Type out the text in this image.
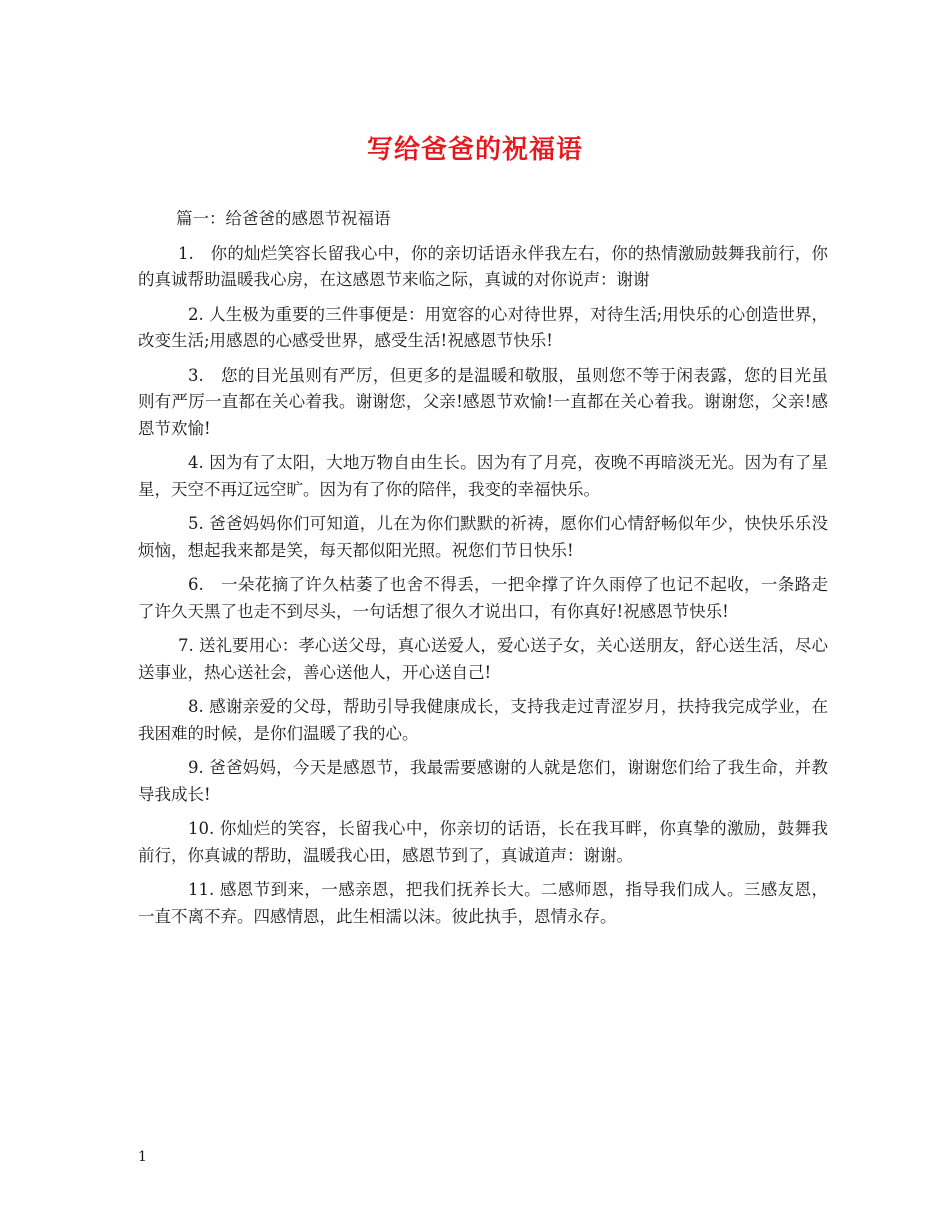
写给爸爸的祝福语

篇一：给爸爸的感恩节祝福语

1.　你的灿烂笑容长留我心中，你的亲切话语永伴我左右，你的热情激励鼓舞我前行，你的真诚帮助温暖我心房，在这感恩节来临之际，真诚的对你说声：谢谢

2. 人生极为重要的三件事便是：用宽容的心对待世界，对待生活;用快乐的心创造世界，改变生活;用感恩的心感受世界，感受生活!祝感恩节快乐!

3.　您的目光虽则有严厉，但更多的是温暖和敬服，虽则您不等于闲表露，您的目光虽则有严厉一直都在关心着我。谢谢您，父亲!感恩节欢愉!一直都在关心着我。谢谢您，父亲!感恩节欢愉!

4. 因为有了太阳，大地万物自由生长。因为有了月亮，夜晚不再暗淡无光。因为有了星星，天空不再辽远空旷。因为有了你的陪伴，我变的幸福快乐。

5. 爸爸妈妈你们可知道，儿在为你们默默的祈祷，愿你们心情舒畅似年少，快快乐乐没烦恼，想起我来都是笑，每天都似阳光照。祝您们节日快乐!

6.　一朵花摘了许久枯萎了也舍不得丢，一把伞撑了许久雨停了也记不起收，一条路走了许久天黑了也走不到尽头，一句话想了很久才说出口，有你真好!祝感恩节快乐!

7. 送礼要用心：孝心送父母，真心送爱人，爱心送子女，关心送朋友，舒心送生活，尽心送事业，热心送社会，善心送他人，开心送自己!

8. 感谢亲爱的父母，帮助引导我健康成长，支持我走过青涩岁月，扶持我完成学业，在我困难的时候，是你们温暖了我的心。

9. 爸爸妈妈，今天是感恩节，我最需要感谢的人就是您们，谢谢您们给了我生命，并教导我成长!

10. 你灿烂的笑容，长留我心中，你亲切的话语，长在我耳畔，你真挚的激励，鼓舞我前行，你真诚的帮助，温暖我心田，感恩节到了，真诚道声：谢谢。

11. 感恩节到来，一感亲恩，把我们抚养长大。二感师恩，指导我们成人。三感友恩，一直不离不弃。四感情恩，此生相濡以沫。彼此执手，恩情永存。

1
